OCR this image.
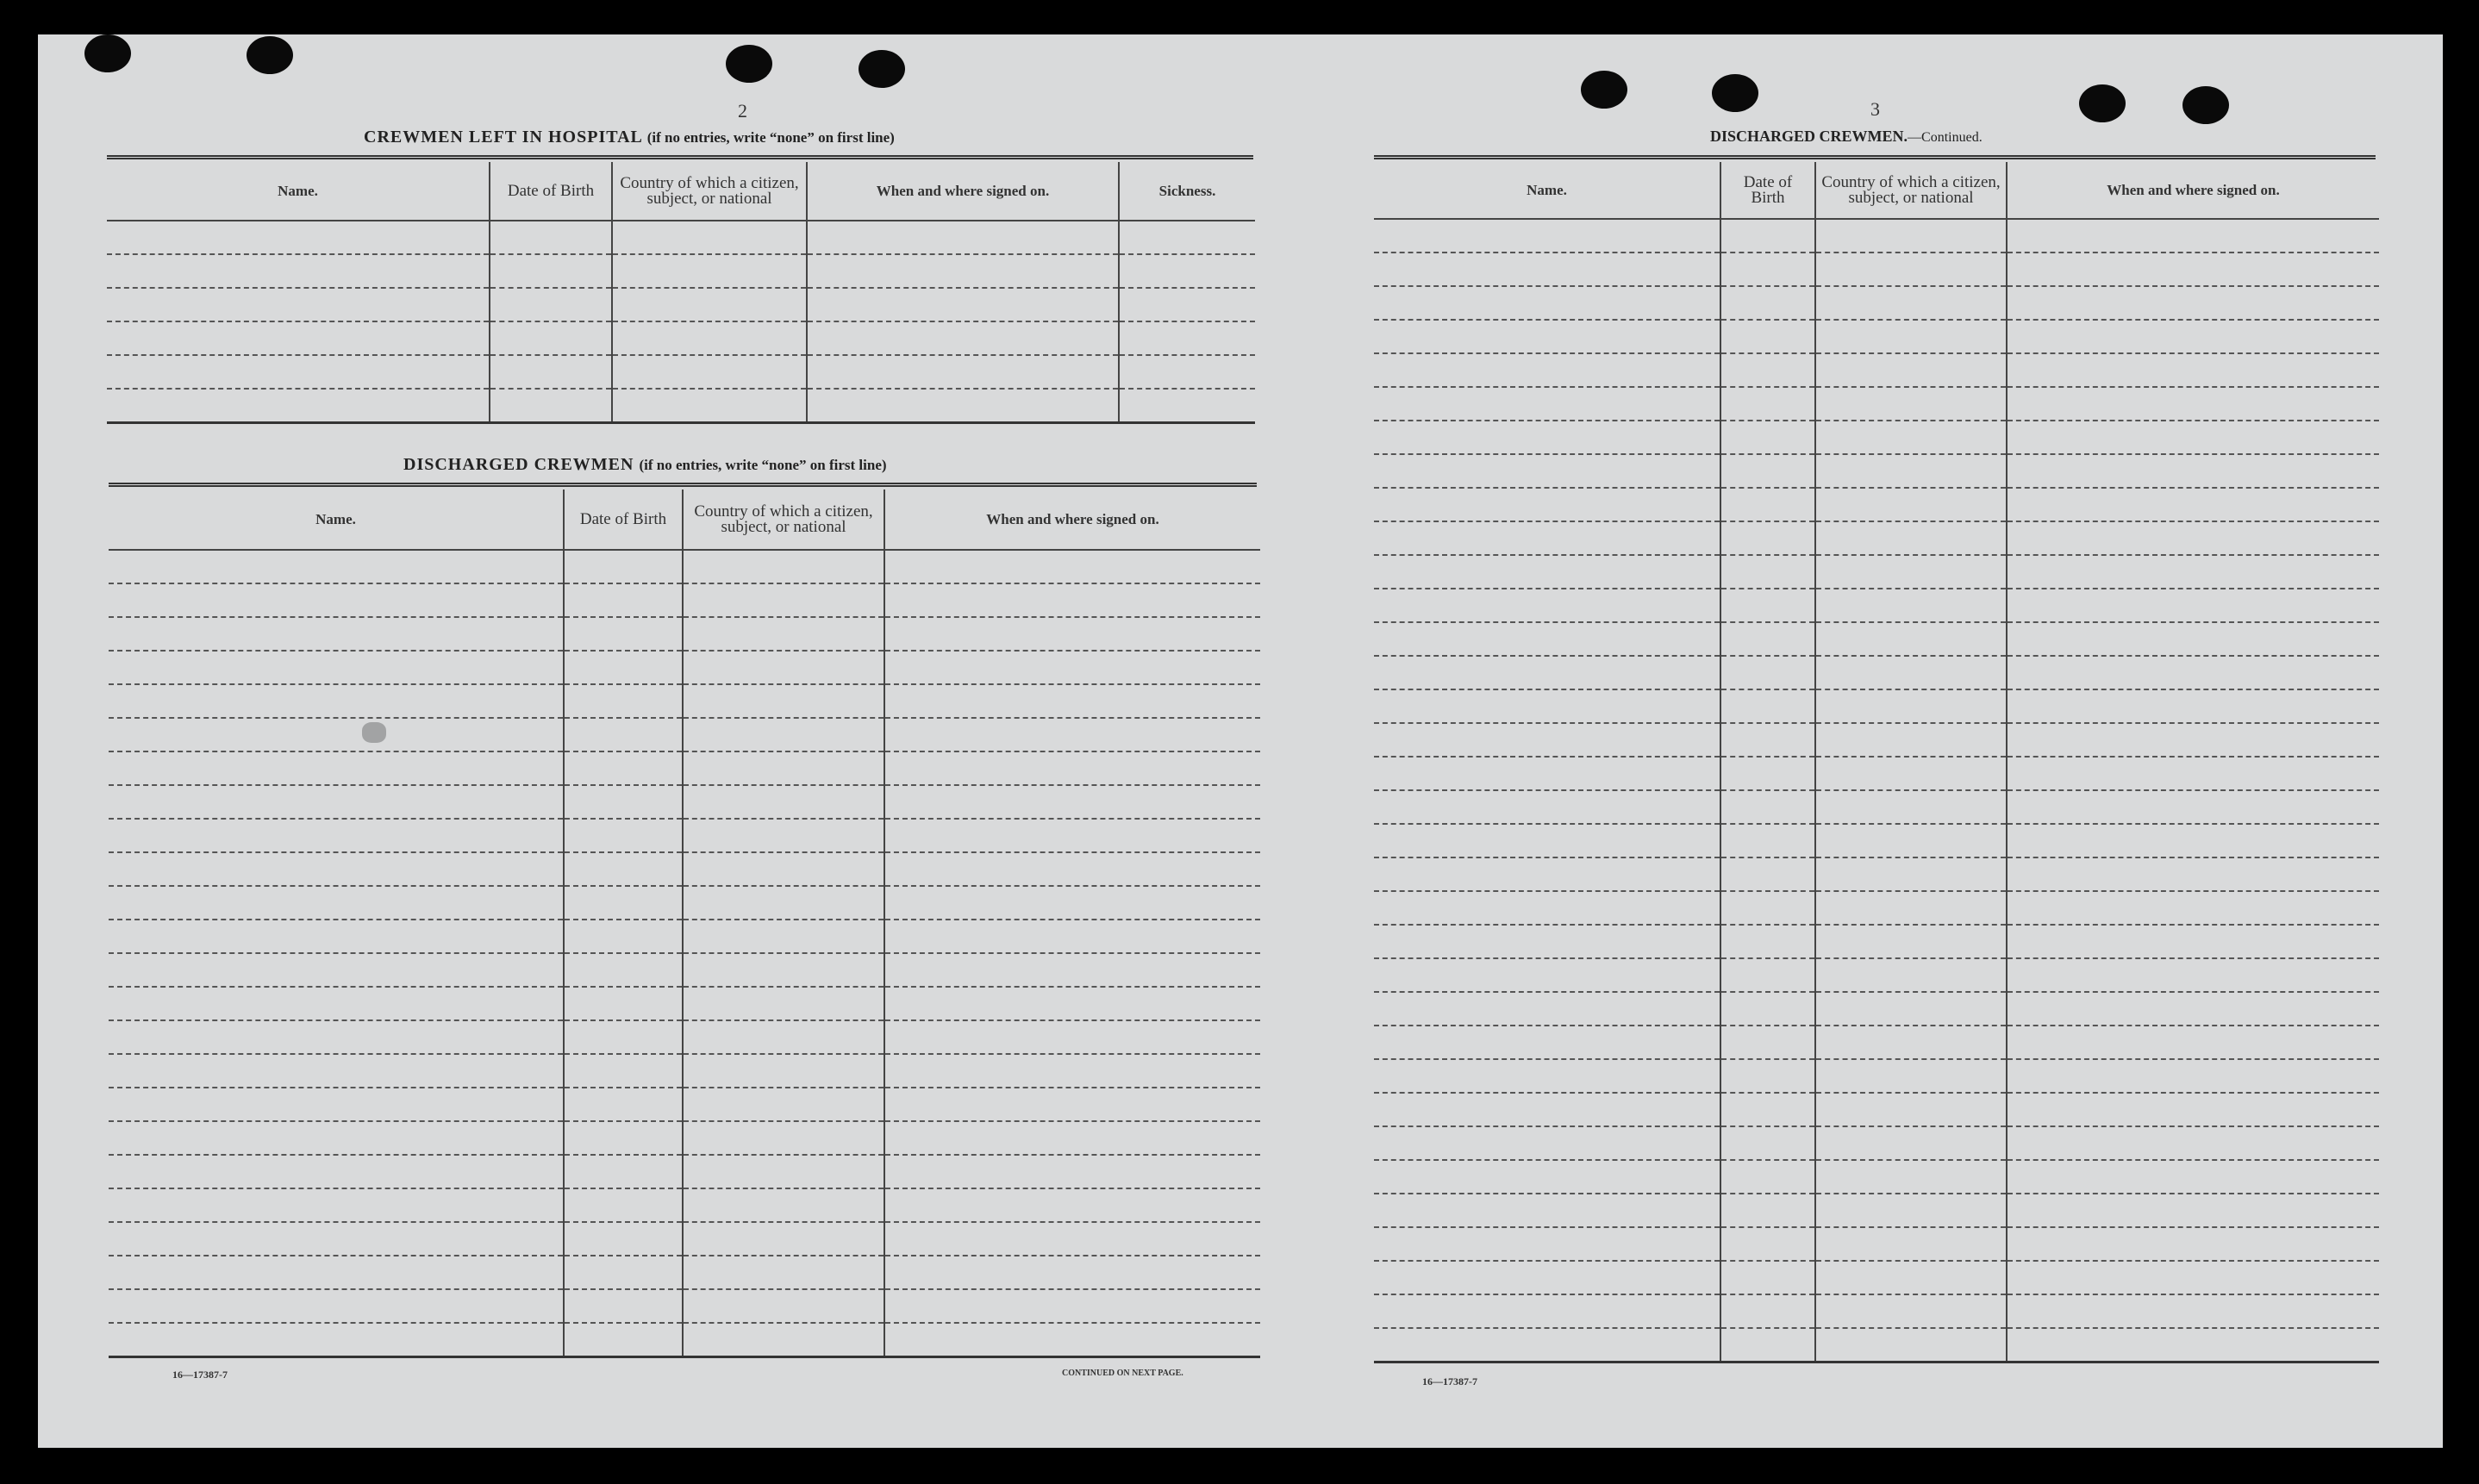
2
CREWMEN LEFT IN HOSPITAL (if no entries, write “none” on first line)
Name.	Date of Birth	Country of which a citizen, subject, or national	When and where signed on.	Sickness.

DISCHARGED CREWMEN (if no entries, write “none” on first line)
Name.	Date of Birth	Country of which a citizen, subject, or national	When and where signed on.

16—17387-7	CONTINUED ON NEXT PAGE.
3
DISCHARGED CREWMEN.—Continued.
Name.	Date of Birth	Country of which a citizen, subject, or national	When and where signed on.

16—17387-7
